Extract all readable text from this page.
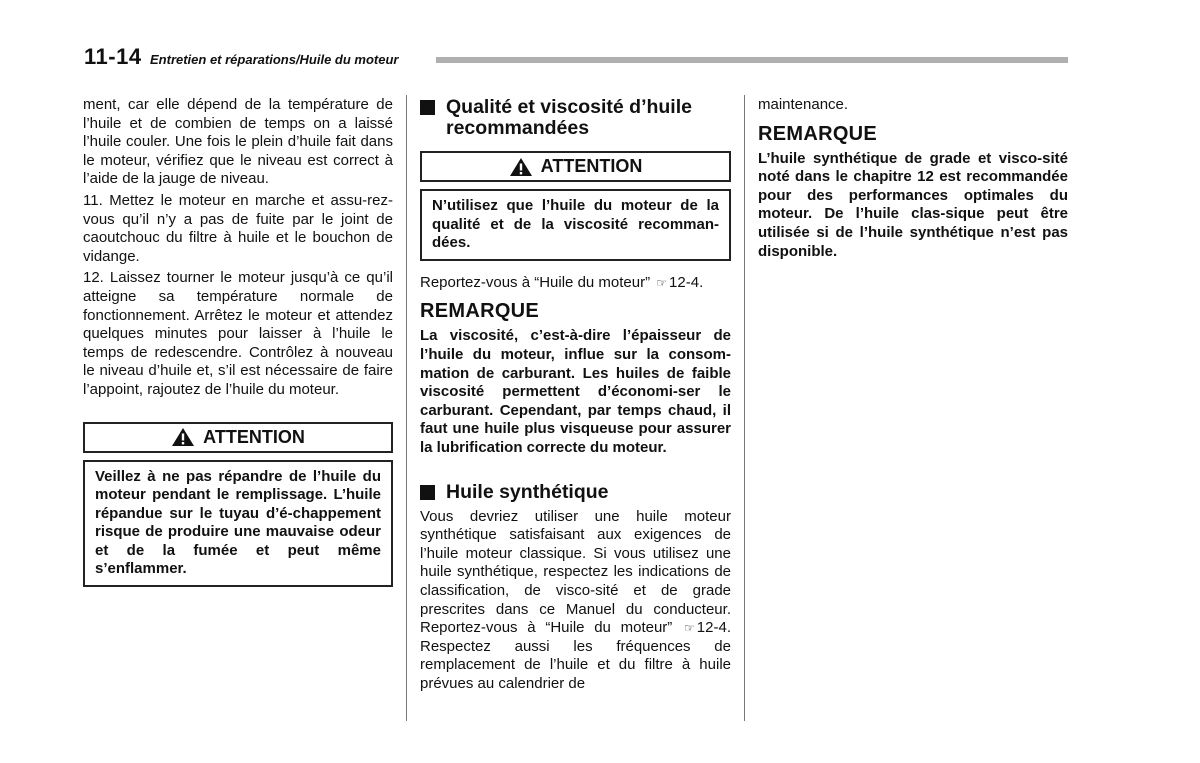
11-14 Entretien et réparations/Huile du moteur

ment, car elle dépend de la température de l’huile et de combien de temps on a laissé l’huile couler. Une fois le plein d’huile fait dans le moteur, vérifiez que le niveau est correct à l’aide de la jauge de niveau.

11. Mettez le moteur en marche et assu-rez-vous qu’il n’y a pas de fuite par le joint de caoutchouc du filtre à huile et le bouchon de vidange.

12. Laissez tourner le moteur jusqu’à ce qu’il atteigne sa température normale de fonctionnement. Arrêtez le moteur et attendez quelques minutes pour laisser à l’huile le temps de redescendre. Contrôlez à nouveau le niveau d’huile et, s’il est nécessaire de faire l’appoint, rajoutez de l’huile du moteur.

ATTENTION
Veillez à ne pas répandre de l’huile du moteur pendant le remplissage. L’huile répandue sur le tuyau d’é-chappement risque de produire une mauvaise odeur et de la fumée et peut même s’enflammer.
Qualité et viscosité d’huile recommandées
ATTENTION
N’utilisez que l’huile du moteur de la qualité et de la viscosité recomman-dées.

Reportez-vous à “Huile du moteur” ☞ 12-4.

REMARQUE
La viscosité, c’est-à-dire l’épaisseur de l’huile du moteur, influe sur la consom-mation de carburant. Les huiles de faible viscosité permettent d’économi-ser le carburant. Cependant, par temps chaud, il faut une huile plus visqueuse pour assurer la lubrification correcte du moteur.
Huile synthétique

Vous devriez utiliser une huile moteur synthétique satisfaisant aux exigences de l’huile moteur classique. Si vous utilisez une huile synthétique, respectez les indications de classification, de visco-sité et de grade prescrites dans ce Manuel du conducteur. Reportez-vous à “Huile du moteur” ☞ 12-4. Respectez aussi les fréquences de remplacement de l’huile et du filtre à huile prévues au calendrier de

maintenance.

REMARQUE
L’huile synthétique de grade et visco-sité noté dans le chapitre 12 est recommandée pour des performances optimales du moteur. De l’huile clas-sique peut être utilisée si de l’huile synthétique n’est pas disponible.
